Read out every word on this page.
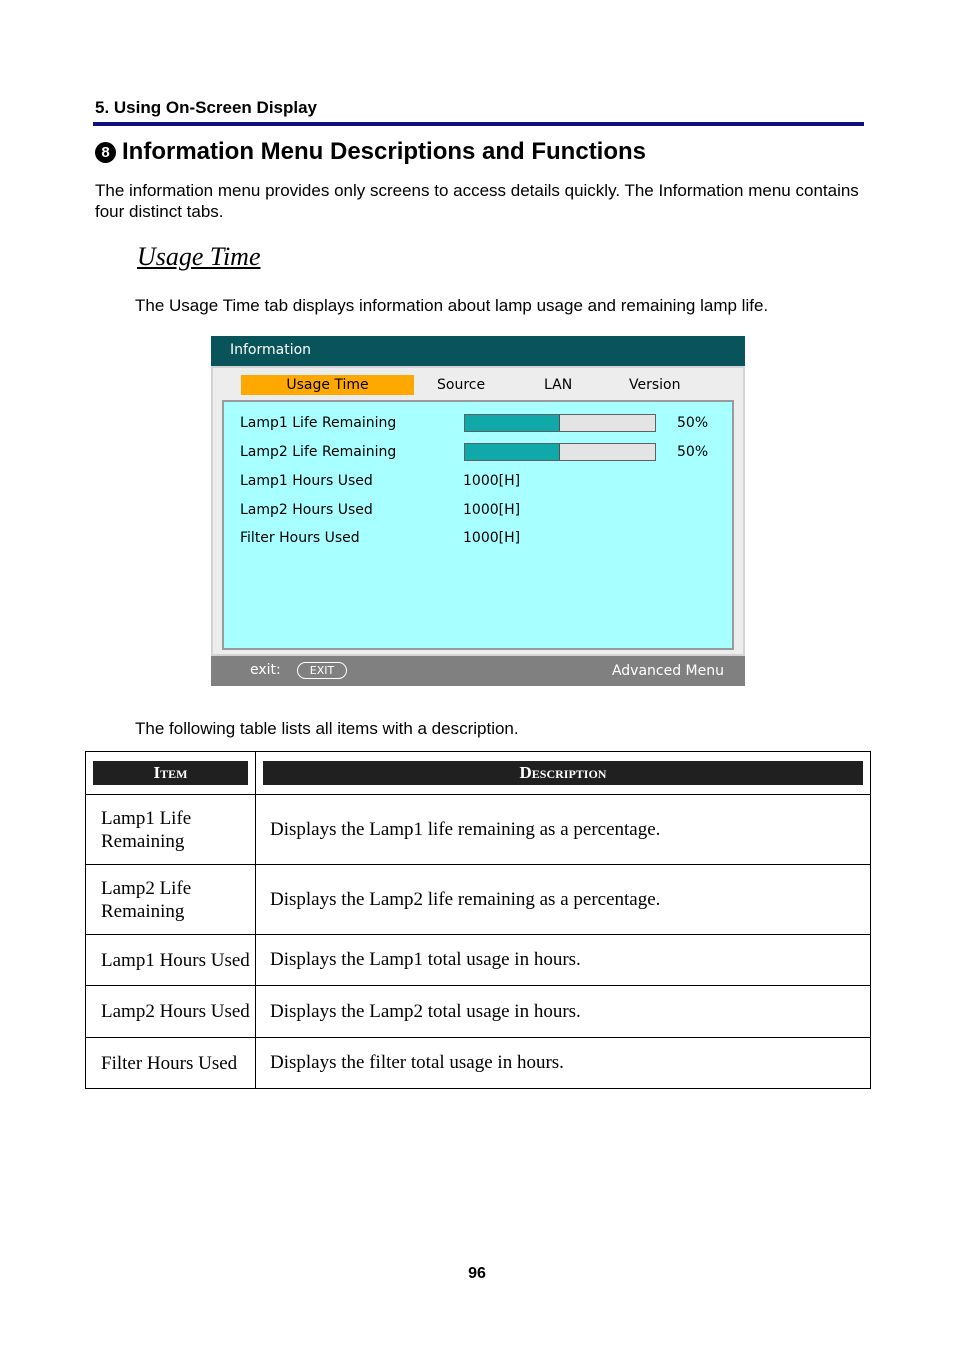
5. Using On-Screen Display
8 Information Menu Descriptions and Functions
The information menu provides only screens to access details quickly. The Information menu contains four distinct tabs.
Usage Time
The Usage Time tab displays information about lamp usage and remaining lamp life.
Information
Usage Time	Source	LAN	Version
Lamp1 Life Remaining	50%
Lamp2 Life Remaining	50%
Lamp1 Hours Used	1000[H]
Lamp2 Hours Used	1000[H]
Filter Hours Used	1000[H]
exit:	EXIT	Advanced Menu
The following table lists all items with a description.
Item	Description

Lamp1 Life Remaining	Displays the Lamp1 life remaining as a percentage.
Lamp2 Life Remaining	Displays the Lamp2 life remaining as a percentage.
Lamp1 Hours Used	Displays the Lamp1 total usage in hours.
Lamp2 Hours Used	Displays the Lamp2 total usage in hours.
Filter Hours Used	Displays the filter total usage in hours.
96
